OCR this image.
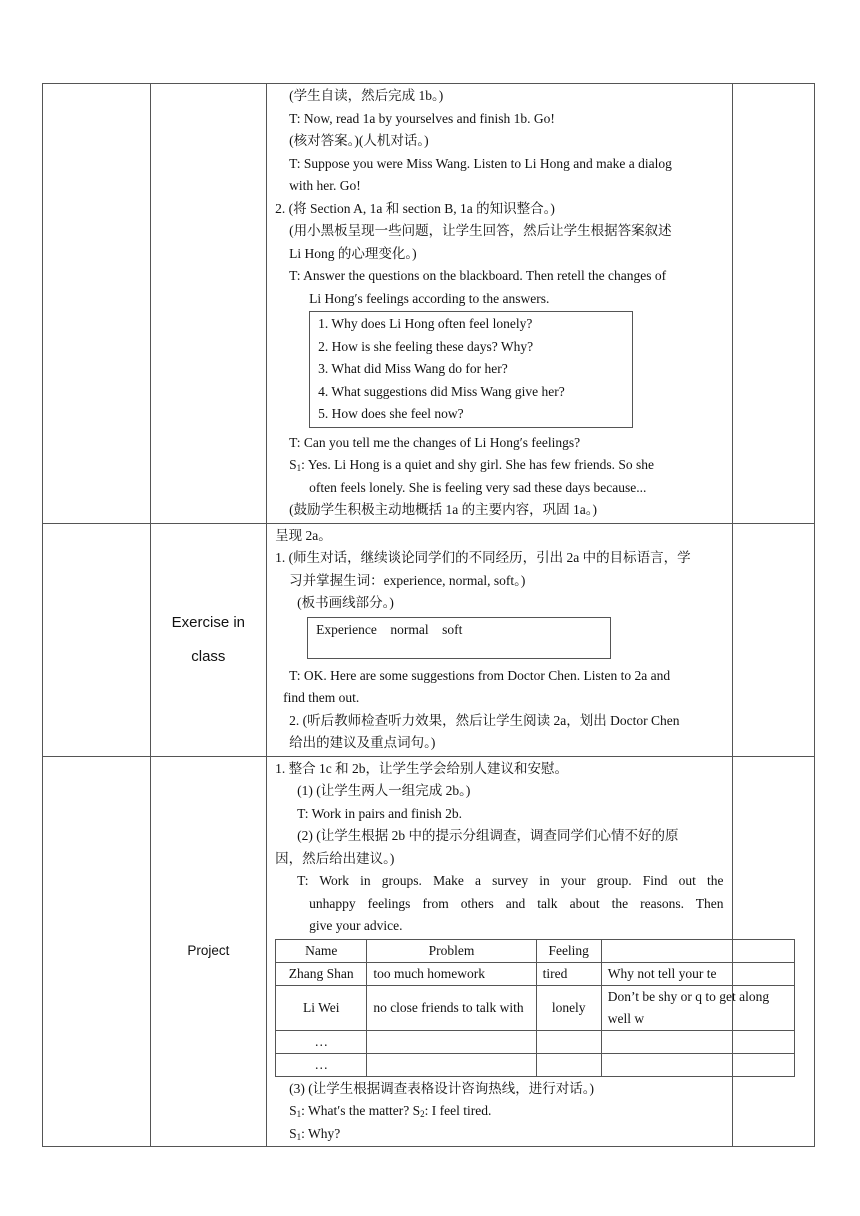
(学生自读，然后完成 1b。)
T: Now, read 1a by yourselves and finish 1b. Go!
(核对答案。)(人机对话。)
T: Suppose you were Miss Wang. Listen to Li Hong and make a dialog
with her. Go!
2. (将 Section A, 1a 和 section B, 1a 的知识整合。)
(用小黑板呈现一些问题，让学生回答，然后让学生根据答案叙述
Li Hong 的心理变化。)
T: Answer the questions on the blackboard. Then retell the changes of
Li Hong′s feelings according to the answers.
1. Why does Li Hong often feel lonely?
2. How is she feeling these days? Why?
3. What did Miss Wang do for her?
4. What suggestions did Miss Wang give her?
5. How does she feel now?
T: Can you tell me the changes of Li Hong′s feelings?
$S_1$: Yes. Li Hong is a quiet and shy girl. She has few friends. So she
often feels lonely. She is feeling very sad these days because...
(鼓励学生积极主动地概括 1a 的主要内容，巩固 1a。)

Exercise in
class

呈现 2a。
1. (师生对话，继续谈论同学们的不同经历，引出 2a 中的目标语言，学
习并掌握生词：experience, normal, soft。)
(板书画线部分。)
Experience    normal    soft
T: OK. Here are some suggestions from Doctor Chen. Listen to 2a and
find them out.
2. (听后教师检查听力效果，然后让学生阅读 2a，划出 Doctor Chen
给出的建议及重点词句。)

Project

1. 整合 1c 和 2b，让学生学会给别人建议和安慰。
(1) (让学生两人一组完成 2b。)
T: Work in pairs and finish 2b.
(2) (让学生根据 2b 中的提示分组调查，调查同学们心情不好的原
因，然后给出建议。)
T: Work in groups. Make a survey in your group. Find out the
unhappy feelings from others and talk about the reasons. Then
give your advice.
Name	Problem	Feeling	
Zhang Shan	too much homework	tired	Why not tell your te
Li Wei	no close friends to talk with	lonely	Don’t be shy or q to get along well w
…			
…			
(3) (让学生根据调查表格设计咨询热线，进行对话。)
$S_1$: What′s the matter? $S_2$: I feel tired.
$S_1$: Why?
